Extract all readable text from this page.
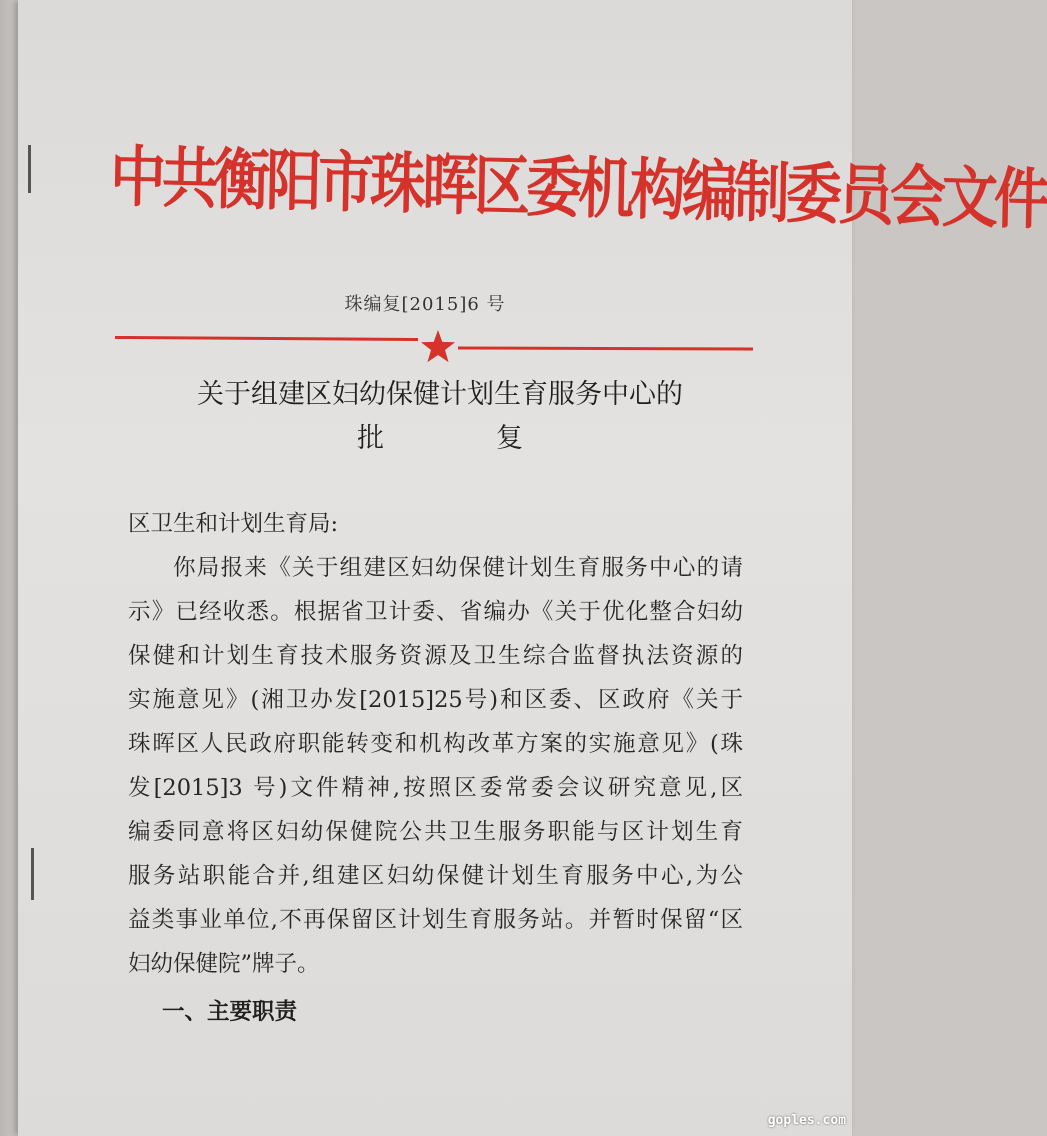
中共衡阳市珠晖区委机构编制委员会文件
珠编复[2015]6 号
关于组建区妇幼保健计划生育服务中心的
批	复
区卫生和计划生育局:
你局报来《关于组建区妇幼保健计划生育服务中心的请
示》已经收悉。根据省卫计委、省编办《关于优化整合妇幼
保健和计划生育技术服务资源及卫生综合监督执法资源的
实施意见》(湘卫办发[2015]25号)和区委、区政府《关于
珠晖区人民政府职能转变和机构改革方案的实施意见》(珠
发[2015]3 号)文件精神,按照区委常委会议研究意见,区
编委同意将区妇幼保健院公共卫生服务职能与区计划生育
服务站职能合并,组建区妇幼保健计划生育服务中心,为公
益类事业单位,不再保留区计划生育服务站。并暂时保留“区
妇幼保健院”牌子。
一、主要职责
goples.com
